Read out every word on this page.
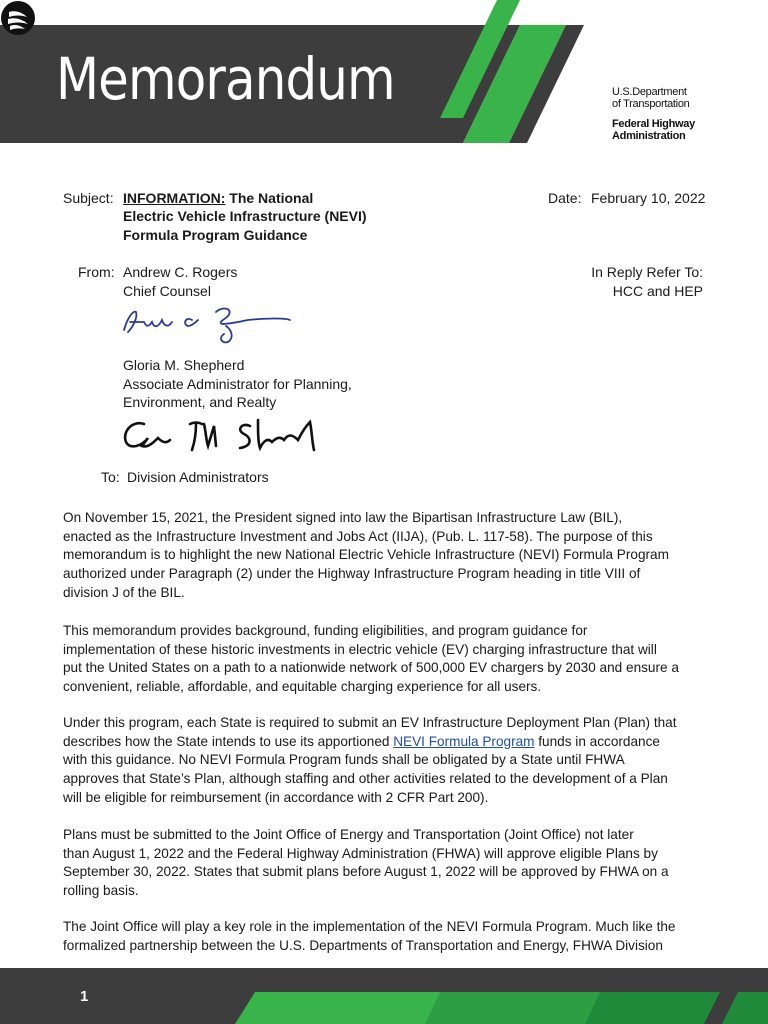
Memorandum	U.S.Department
of Transportation
Federal Highway
Administration
Subject: INFORMATION: The National
Electric Vehicle Infrastructure (NEVI)
Formula Program Guidance
Date: February 10, 2022
From: Andrew C. Rogers
Chief Counsel
In Reply Refer To:
HCC and HEP
Gloria M. Shepherd
Associate Administrator for Planning,
Environment, and Realty
To: Division Administrators
On November 15, 2021, the President signed into law the Bipartisan Infrastructure Law (BIL),
enacted as the Infrastructure Investment and Jobs Act (IIJA), (Pub. L. 117-58). The purpose of this
memorandum is to highlight the new National Electric Vehicle Infrastructure (NEVI) Formula Program
authorized under Paragraph (2) under the Highway Infrastructure Program heading in title VIII of
division J of the BIL.
This memorandum provides background, funding eligibilities, and program guidance for
implementation of these historic investments in electric vehicle (EV) charging infrastructure that will
put the United States on a path to a nationwide network of 500,000 EV chargers by 2030 and ensure a
convenient, reliable, affordable, and equitable charging experience for all users.
Under this program, each State is required to submit an EV Infrastructure Deployment Plan (Plan) that
describes how the State intends to use its apportioned NEVI Formula Program funds in accordance
with this guidance. No NEVI Formula Program funds shall be obligated by a State until FHWA
approves that State’s Plan, although staffing and other activities related to the development of a Plan
will be eligible for reimbursement (in accordance with 2 CFR Part 200).
Plans must be submitted to the Joint Office of Energy and Transportation (Joint Office) not later
than August 1, 2022 and the Federal Highway Administration (FHWA) will approve eligible Plans by
September 30, 2022. States that submit plans before August 1, 2022 will be approved by FHWA on a
rolling basis.
The Joint Office will play a key role in the implementation of the NEVI Formula Program. Much like the
formalized partnership between the U.S. Departments of Transportation and Energy, FHWA Division
1
